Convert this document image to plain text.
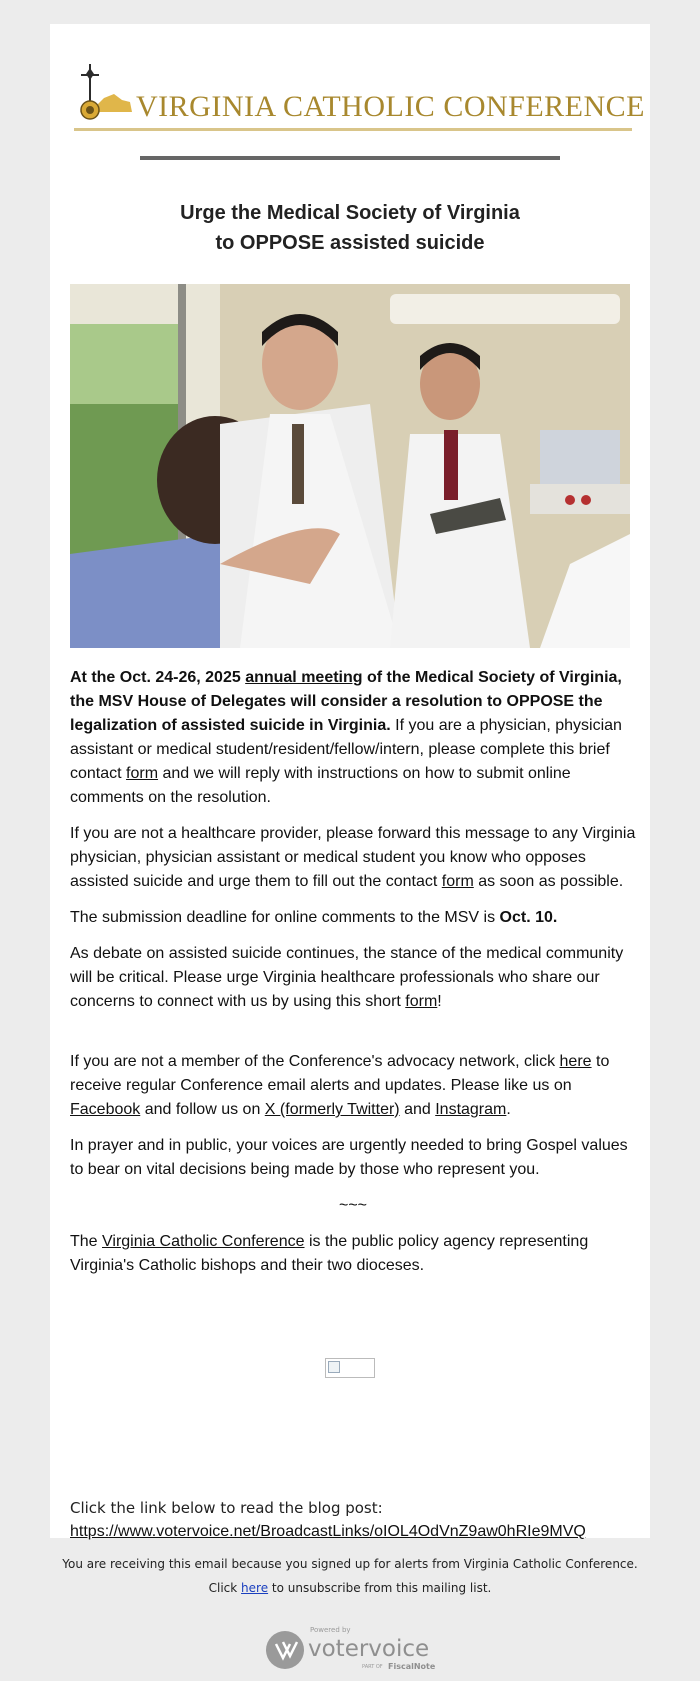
VIRGINIA CATHOLIC CONFERENCE
Urge the Medical Society of Virginia
to OPPOSE assisted suicide

At the Oct. 24-26, 2025 annual meeting of the Medical Society of Virginia, the MSV House of Delegates will consider a resolution to OPPOSE the legalization of assisted suicide in Virginia. If you are a physician, physician assistant or medical student/resident/fellow/intern, please complete this brief contact form and we will reply with instructions on how to submit online comments on the resolution.

If you are not a healthcare provider, please forward this message to any Virginia physician, physician assistant or medical student you know who opposes assisted suicide and urge them to fill out the contact form as soon as possible.

The submission deadline for online comments to the MSV is Oct. 10.

As debate on assisted suicide continues, the stance of the medical community will be critical. Please urge Virginia healthcare professionals who share our concerns to connect with us by using this short form!

If you are not a member of the Conference's advocacy network, click here to receive regular Conference email alerts and updates. Please like us on Facebook and follow us on X (formerly Twitter) and Instagram.

In prayer and in public, your voices are urgently needed to bring Gospel values to bear on vital decisions being made by those who represent you.

~~~

The Virginia Catholic Conference is the public policy agency representing Virginia's Catholic bishops and their two dioceses.

Click the link below to read the blog post:
https://www.votervoice.net/BroadcastLinks/oIOL4OdVnZ9aw0hRIe9MVQ
You are receiving this email because you signed up for alerts from Virginia Catholic Conference.
Click here to unsubscribe from this mailing list.
Powered by
votervoice
PART OF FiscalNote
